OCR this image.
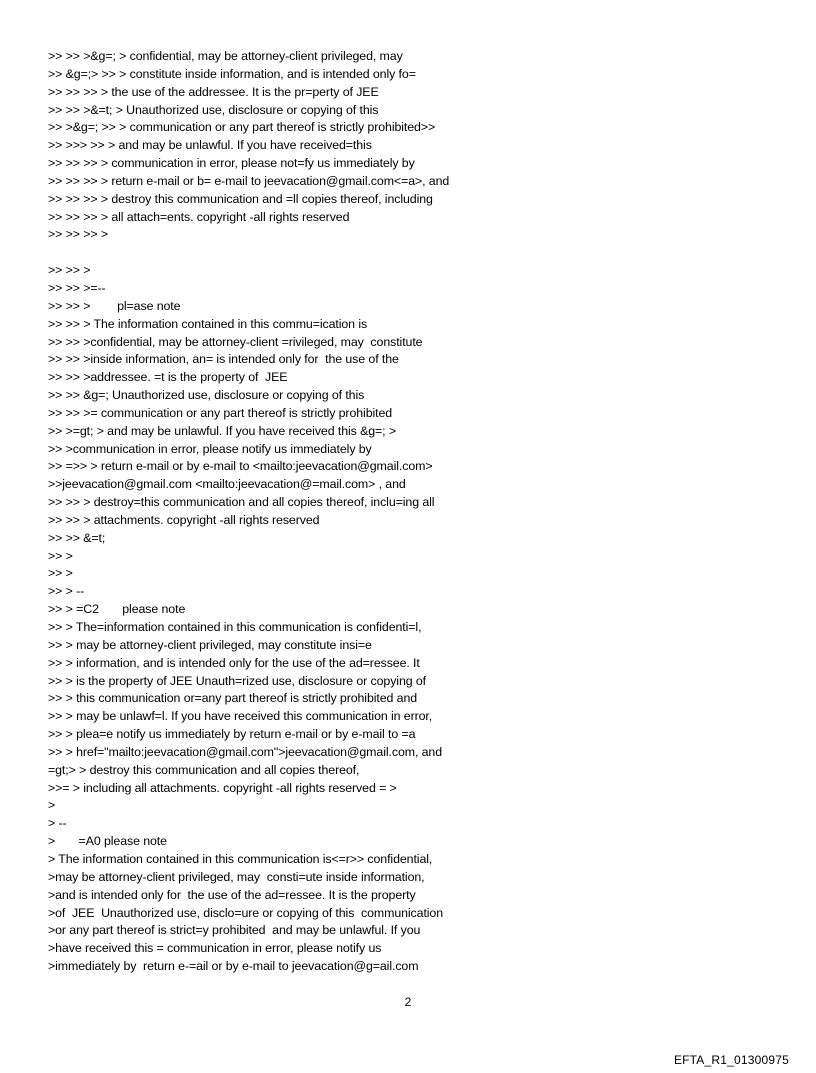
>> >> >&g=; > confidential, may be attorney-client privileged, may
>> &g=;> >> > constitute inside information, and is intended only fo=
>> >> >> > the use of the addressee. It is the pr=perty of JEE
>> >> >&=t; > Unauthorized use, disclosure or copying of this
>> >&g=; >> > communication or any part thereof is strictly prohibited>>
>> >>> >> > and may be unlawful. If you have received=this
>> >> >> > communication in error, please not=fy us immediately by
>> >> >> > return e-mail or b= e-mail to jeevacation@gmail.com<=a>, and
>> >> >> > destroy this communication and =ll copies thereof, including
>> >> >> > all attach=ents. copyright -all rights reserved
>> >> >> >
>> >> >
>> >> >=--
>> >> >        pl=ase note
>> >> > The information contained in this commu=ication is
>> >> >confidential, may be attorney-client =rivileged, may  constitute
>> >> >inside information, an= is intended only for  the use of the
>> >> >addressee. =t is the property of  JEE
>> >> &g=; Unauthorized use, disclosure or copying of this
>> >> >= communication or any part thereof is strictly prohibited
>> >=gt; > and may be unlawful. If you have received this &g=; >
>> >communication in error, please notify us immediately by
>> =>> > return e-mail or by e-mail to <mailto:jeevacation@gmail.com>
>>jeevacation@gmail.com <mailto:jeevacation@=mail.com> , and
>> >> > destroy=this communication and all copies thereof, inclu=ing all
>> >> > attachments. copyright -all rights reserved
>> >> &=t;
>> >
>> >
>> > --
>> > =C2       please note
>> > The=information contained in this communication is confidenti=l,
>> > may be attorney-client privileged, may constitute insi=e
>> > information, and is intended only for the use of the ad=ressee. It
>> > is the property of JEE Unauth=rized use, disclosure or copying of
>> > this communication or=any part thereof is strictly prohibited and
>> > may be unlawf=l. If you have received this communication in error,
>> > plea=e notify us immediately by return e-mail or by e-mail to =a
>> > href="mailto:jeevacation@gmail.com">jeevacation@gmail.com, and
=gt;> > destroy this communication and all copies thereof,
>>= > including all attachments. copyright -all rights reserved = >
>
> --
>       =A0 please note
> The information contained in this communication is<=r>> confidential,
>may be attorney-client privileged, may  consti=ute inside information,
>and is intended only for  the use of the ad=ressee. It is the property
>of  JEE  Unauthorized use, disclo=ure or copying of this  communication
>or any part thereof is strict=y prohibited  and may be unlawful. If you
>have received this = communication in error, please notify us
>immediately by  return e-=ail or by e-mail to jeevacation@g=ail.com
2
EFTA_R1_01300975
